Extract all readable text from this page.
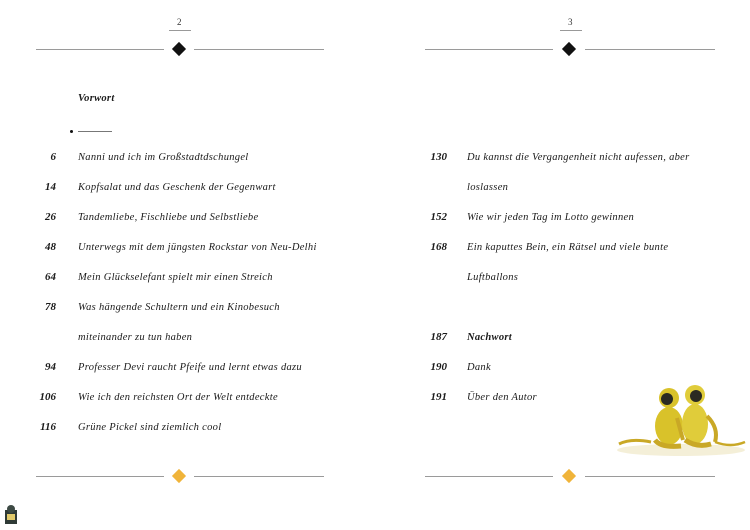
2
Vorwort
6 Nanni und ich im Großstadtdschungel
14 Kopfsalat und das Geschenk der Gegenwart
26 Tandemliebe, Fischliebe und Selbstliebe
48 Unterwegs mit dem jüngsten Rockstar von Neu-Delhi
64 Mein Glückselefant spielt mir einen Streich
78 Was hängende Schultern und ein Kinobesuch
miteinander zu tun haben
94 Professer Devi raucht Pfeife und lernt etwas dazu
106 Wie ich den reichsten Ort der Welt entdeckte
116 Grüne Pickel sind ziemlich cool
3
130 Du kannst die Vergangenheit nicht aufessen, aber
loslassen
152 Wie wir jeden Tag im Lotto gewinnen
168 Ein kaputtes Bein, ein Rätsel und viele bunte
Luftballons
187 Nachwort
190 Dank
191 Über den Autor
